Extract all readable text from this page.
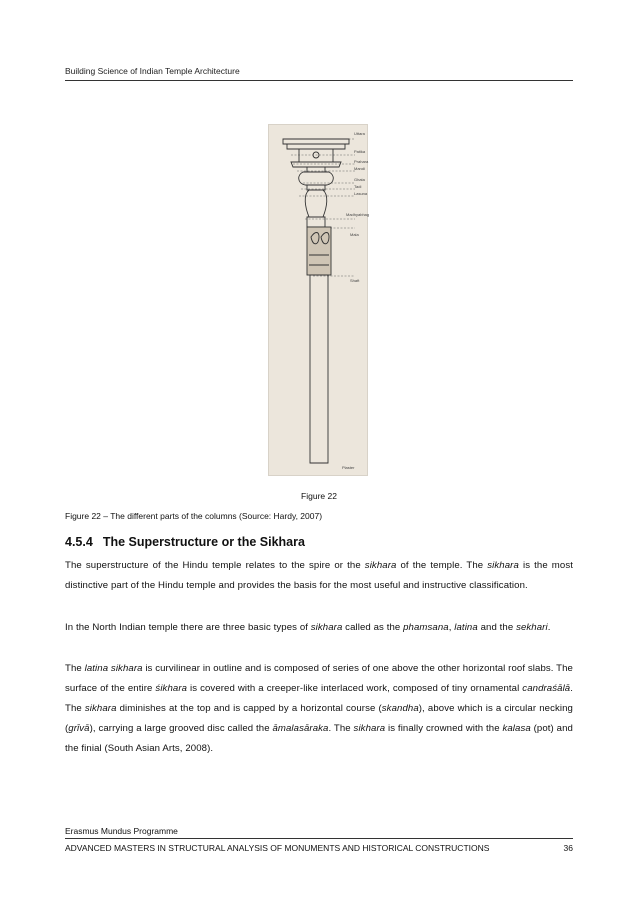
Building Science of Indian Temple Architecture
Uttara
Patika
Prahara
Mandi
Ghata
Tadi
Lasuna
Madhyabhaga
Mala
Shaft
Plaster
Figure 22
Figure 22 – The different parts of the columns (Source: Hardy, 2007)
4.5.4 The Superstructure or the Sikhara

The superstructure of the Hindu temple relates to the spire or the sikhara of the temple. The sikhara is the most distinctive part of the Hindu temple and provides the basis for the most useful and instructive classification.

In the North Indian temple there are three basic types of sikhara called as the phamsana, latina and the sekhari.

The latina sikhara is curvilinear in outline and is composed of series of one above the other horizontal roof slabs. The surface of the entire śikhara is covered with a creeper-like interlaced work, composed of tiny ornamental candraśālā. The sikhara diminishes at the top and is capped by a horizontal course (skandha), above which is a circular necking (grīvā), carrying a large grooved disc called the āmalasāraka. The sikhara is finally crowned with the kalasa (pot) and the finial (South Asian Arts, 2008).

Erasmus Mundus Programme
ADVANCED MASTERS IN STRUCTURAL ANALYSIS OF MONUMENTS AND HISTORICAL CONSTRUCTIONS	36
